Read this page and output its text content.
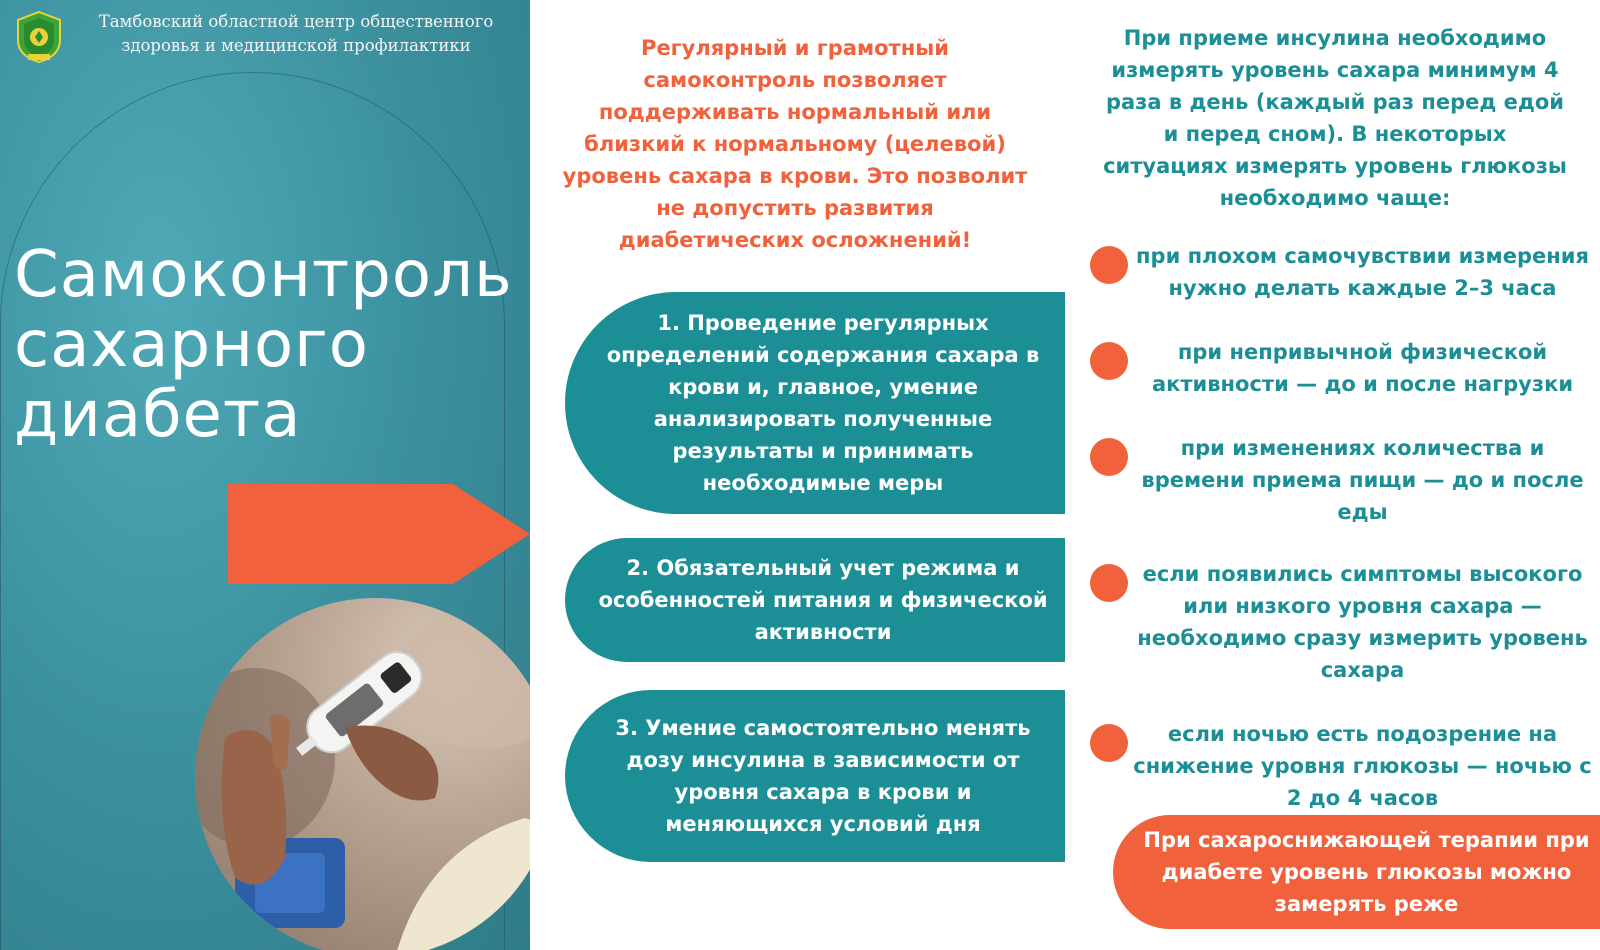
Тамбовский областной центр общественного здоровья и медицинской профилактики
Самоконтроль
сахарного
диабета
Регулярный и грамотный самоконтроль позволяет поддерживать нормальный или близкий к нормальному (целевой) уровень сахара в крови. Это позволит не допустить развития диабетических осложнений!
1. Проведение регулярных определений содержания сахара в крови и, главное, умение анализировать полученные результаты и принимать необходимые меры
2. Обязательный учет режима и особенностей питания и физической активности
3. Умение самостоятельно менять дозу инсулина в зависимости от уровня сахара в крови и меняющихся условий дня
При приеме инсулина необходимо измерять уровень сахара минимум 4 раза в день (каждый раз перед едой и перед сном). В некоторых ситуациях измерять уровень глюкозы необходимо чаще:
при плохом самочувствии измерения нужно делать каждые 2–3 часа
при непривычной физической активности — до и после нагрузки
при изменениях количества и времени приема пищи — до и после еды
если появились симптомы высокого или низкого уровня сахара — необходимо сразу измерить уровень сахара
если ночью есть подозрение на снижение уровня глюкозы — ночью с 2 до 4 часов
При сахароснижающей терапии при диабете уровень глюкозы можно замерять реже
